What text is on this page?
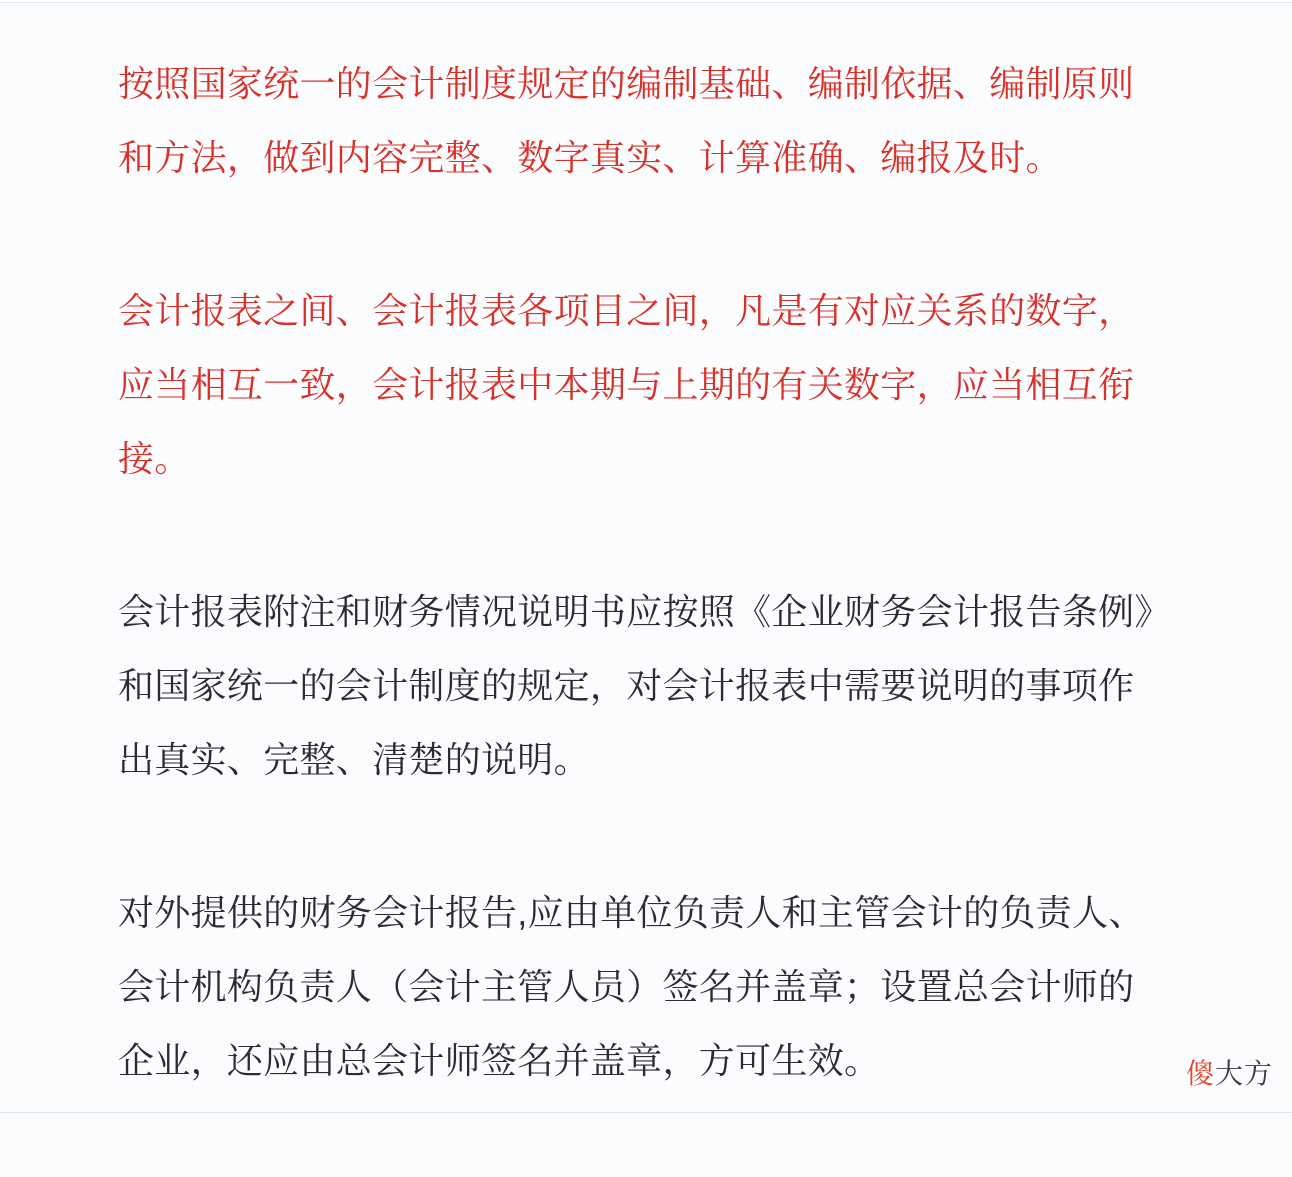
按照国家统一的会计制度规定的编制基础、编制依据、编制原则
和方法，做到内容完整、数字真实、计算准确、编报及时。

会计报表之间、会计报表各项目之间，凡是有对应关系的数字，
应当相互一致，会计报表中本期与上期的有关数字，应当相互衔
接。

会计报表附注和财务情况说明书应按照《企业财务会计报告条例》
和国家统一的会计制度的规定，对会计报表中需要说明的事项作
出真实、完整、清楚的说明。

对外提供的财务会计报告,应由单位负责人和主管会计的负责人、
会计机构负责人（会计主管人员）签名并盖章；设置总会计师的
企业，还应由总会计师签名并盖章，方可生效。	傻大方
